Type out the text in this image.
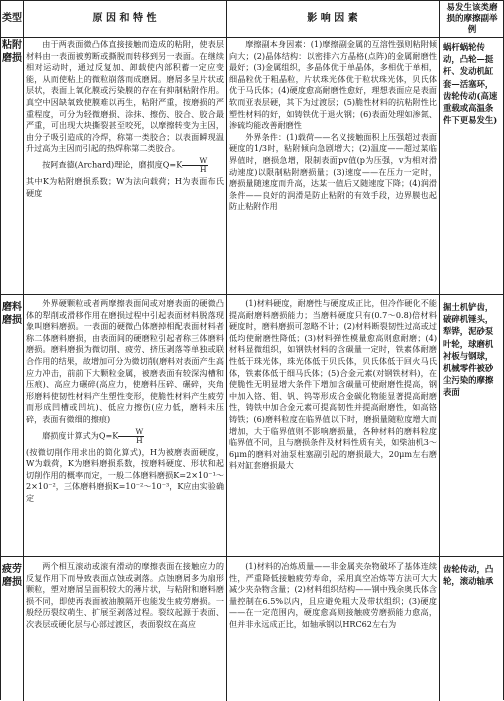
类型	原 因 和 特 性	影 响 因 素
易发生该类磨损的摩擦副举例
粘附磨损

由于两表面微凸体直接接触而造成的粘附，使表层材料由一表面被剪断或撕脱而转移到另一表面。在继续相对运动时，通过反复加、卸载使内部积蓄一定应变能，从而使粘上的微粒崩落而成磨屑。磨屑多呈片状或层状，表面上氧化膜或污染膜的存在有抑制粘附作用。真空中因缺氧致使膜难以再生，粘附严重，按磨损的严重程度，可分为轻微磨损、涂抹、擦伤、胶合、胶合最严重，可出现大块撕裂甚至咬死，以摩擦转变为主因，由分子吸引造成的冷焊，称第一类胶合；以表面瞬现温升过高为主因而引起的热焊称第二类胶合。

按阿查德(Archard)理论，磨损度$Q=K \frac{W}{H}$

其中K为粘附磨损系数；W为法向载荷；H为表面布氏硬度

摩擦副本身因素：(1)摩擦副金属的互溶性强则粘附倾向大；(2)晶体结构：以密排六方晶格(点阵)的金属耐磨性最好；(3)金属组织，多晶体优于单晶体，多相优于单相，细晶粒优于粗晶粒，片状珠光体优于粒状珠光体，贝氏体优于马氏体；(4)硬度愈高耐磨性愈好，理想表面应是表面软而亚表层硬，其下为过渡层；(5)脆性材料的抗粘附性比塑性材料的好，如铸铁优于退火钢；(6)表面处理如渗氮、渗硫均能改善耐磨性

外界条件：(1)载荷——名义接触面积上压强超过表面硬度的1/3时，粘附倾向急剧增大；(2)温度——超过某临界值时，磨损急增，限制表面pv值(p为压强，v为相对滑动速度)以限制粘附磨损量；(3)速度——在压力一定时，磨损量随速度而升高，达某一值后又随速度下降；(4)润滑条件——良好的润滑是防止粘附的有效手段，边界膜也起防止粘附作用

蜗杆蜗轮传动，凸轮—挺杆、发动机缸套—活塞环，齿轮传动(高速重载或高温条件下更易发生)
磨料磨损

外界硬颗粒或者两摩擦表面间或对磨表面的硬微凸体的犁削或滑移作用在磨损过程中引起表面材料脱落现象叫磨料磨损。一表面的硬微凸体磨掉相配表面材料者称二体磨料磨损，由表面间的硬磨粒引起者称三体磨料磨损。磨料磨损为微切削、疲劳、挤压剥落等单独或联合作用的结果，故增加可分为微切削(磨料对表面产生高应力冲击，前前下大颗粒金属，被磨表面有较深沟槽和压痕)、高应力碾碎(高应力，使磨料压碎、碾碎，夹角形磨料使韧性材料产生塑性变形，使脆性材料产生疲劳而形成凹槽或凹坑)、低应力擦伤(应力低，磨料未压碎，表面有微细的擦痕)

磨损度计算式为$Q=K \frac{W}{H}$

(按微切削作用求出的简化算式)，H为被磨表面硬度，W为载荷，K为磨料磨损系数，按磨料硬度、形状和起切削作用的概率而定，一般二体磨料磨损K=2×10⁻¹～2×10⁻²，三体磨料磨损K=10⁻²～10⁻³，K应由实验确定

(1)材料硬度，耐磨性与硬度成正比，但冷作硬化不能提高耐磨料磨损能力；当磨料硬度只有(0.7～0.8)倍材料硬度时，磨料磨损可忽略不计；(2)材料断裂韧性过高或过低均使耐磨性降低；(3)材料弹性模量愈高则愈耐磨；(4)材料显微组织，如钢铁材料的含碳量一定时，铁素体耐磨性低于珠光体，珠光体低于贝氏体，贝氏体低于回火马氏体，铁素体低于细马氏体；(5)合金元素(对钢铁材料)，在使脆性无明显增大条件下增加含碳量可使耐磨性提高，钢中加入铬、钼、钒、钨等形成合金碳化物能显著提高耐磨性，铸铁中加合金元素可提高韧性并提高耐磨性，如高铬铸铁；(6)磨料粒度在临界值以下时，磨损量随粒度增大而增加，大于临界值则不影响磨损量，各种材料的磨料粒度临界值不同，且与磨损条件及材料性质有关，如柴油机3～6μm的磨料对油泵柱塞副引起的磨损最大，20μm左右磨料对缸套磨损最大

掘土机铲齿，破碎机锤头，犁铧，泥砂泵叶轮，球磨机衬板与钢球，机械零件被砂尘污染的摩擦表面
疲劳磨损

两个相互滚动或滚有滑动的摩擦表面在接触应力的反复作用下而导致表面点蚀或剥落。点蚀磨屑多为扇形颗粒，塑对磨屑呈面积较大的薄片状，与粘附和磨料磨损不同，即使再表面被油膜隔开也能发生疲劳磨损。一般经历裂纹萌生、扩展至剥落过程。裂纹起源于表面、次表层或硬化层与心部过渡区，表面裂纹在高应

(1)材料的冶炼质量——非金属夹杂物破坏了基体连续性，严重降低接触疲劳寿命，采用真空冶炼等方法可大大减少夹杂物含量；(2)材料组织结构——钢中残余奥氏体含量控制在6.5%以内，且应避免粗大及带状组织；(3)硬度——在一定范围内，硬度愈高则接触疲劳磨损能力愈高，但并非永远成正比，如轴承钢以HRC62左右为

齿轮传动，凸轮，滚动轴承
